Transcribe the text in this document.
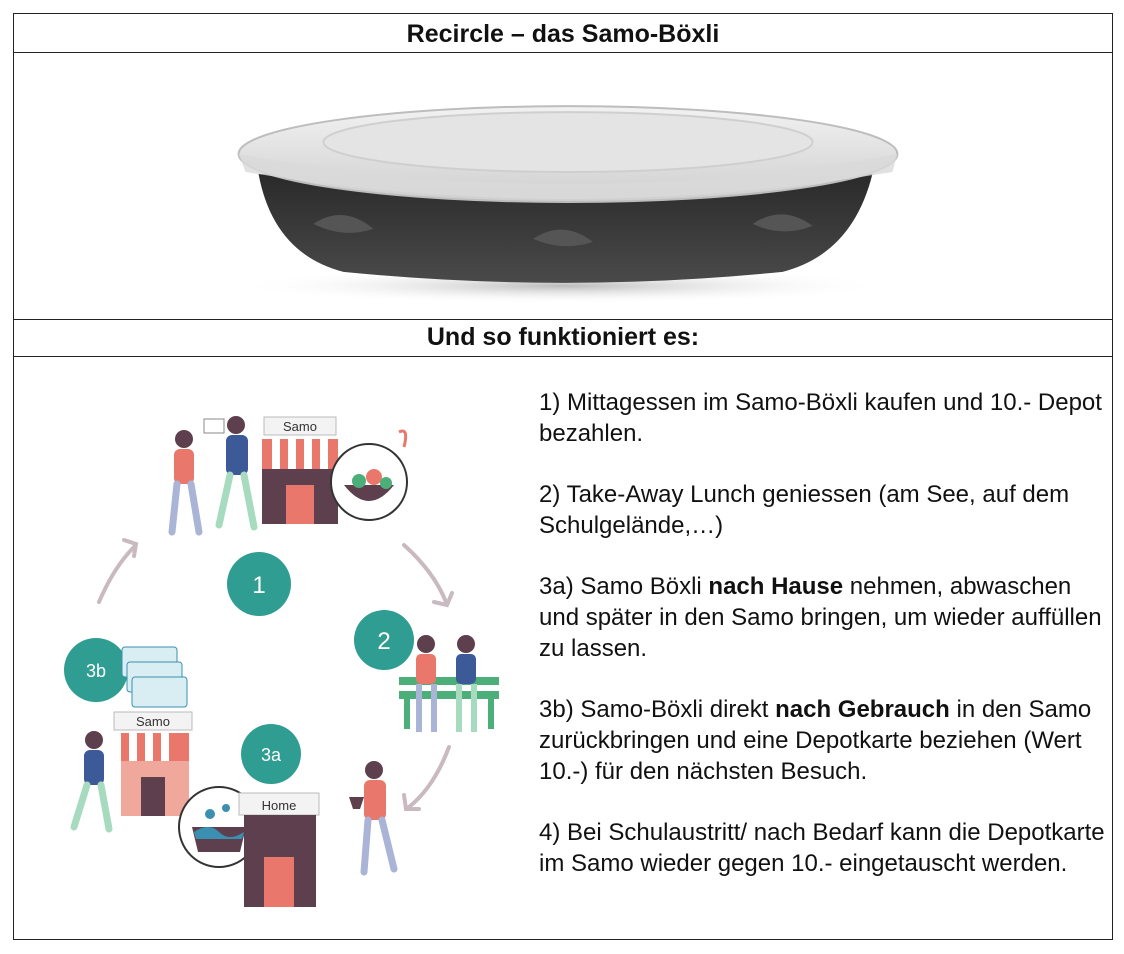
Recircle – das Samo-Böxli
Und so funktioniert es:
Samo
1
2
3a
3b
Samo
Home

1) Mittagessen im Samo-Böxli kaufen und 10.- Depot bezahlen.

2) Take-Away Lunch geniessen (am See, auf dem Schulgelände,…)

3a) Samo Böxli nach Hause nehmen, abwaschen und später in den Samo bringen, um wieder auffüllen zu lassen.

3b) Samo-Böxli direkt nach Gebrauch in den Samo zurückbringen und eine Depotkarte beziehen (Wert 10.-) für den nächsten Besuch.

4) Bei Schulaustritt/ nach Bedarf kann die Depotkarte im Samo wieder gegen 10.- eingetauscht werden.
